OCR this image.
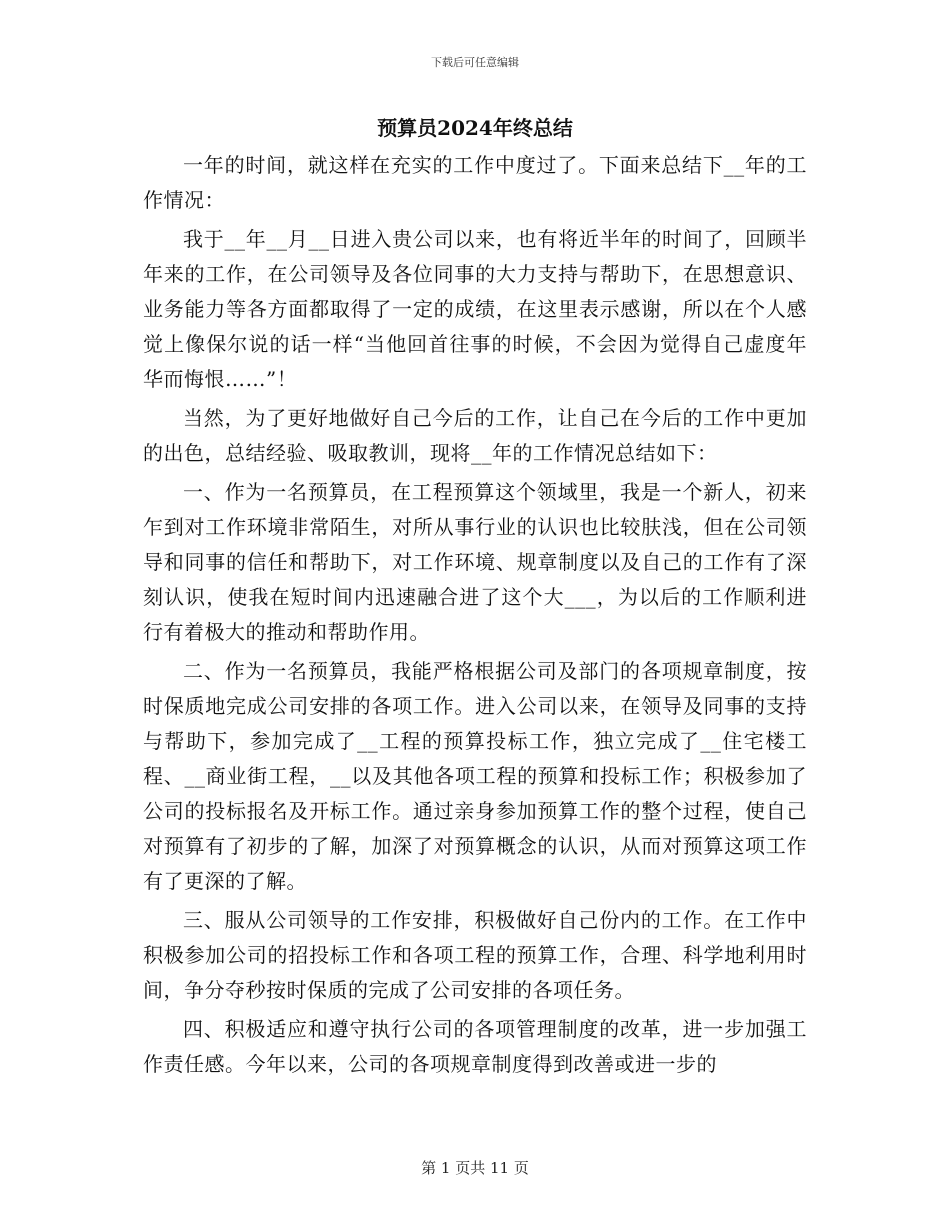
下载后可任意编辑
预算员2024年终总结

一年的时间，就这样在充实的工作中度过了。下面来总结下__年的工作情况：

我于__年__月__日进入贵公司以来，也有将近半年的时间了，回顾半年来的工作，在公司领导及各位同事的大力支持与帮助下，在思想意识、业务能力等各方面都取得了一定的成绩，在这里表示感谢，所以在个人感觉上像保尔说的话一样“当他回首往事的时候，不会因为觉得自己虚度年华而悔恨……”！

当然，为了更好地做好自己今后的工作，让自己在今后的工作中更加的出色，总结经验、吸取教训，现将__年的工作情况总结如下：

一、作为一名预算员，在工程预算这个领域里，我是一个新人，初来乍到对工作环境非常陌生，对所从事行业的认识也比较肤浅，但在公司领导和同事的信任和帮助下，对工作环境、规章制度以及自己的工作有了深刻认识，使我在短时间内迅速融合进了这个大___，为以后的工作顺利进行有着极大的推动和帮助作用。

二、作为一名预算员，我能严格根据公司及部门的各项规章制度，按时保质地完成公司安排的各项工作。进入公司以来，在领导及同事的支持与帮助下，参加完成了__工程的预算投标工作，独立完成了__住宅楼工程、__商业街工程，__以及其他各项工程的预算和投标工作；积极参加了公司的投标报名及开标工作。通过亲身参加预算工作的整个过程，使自己对预算有了初步的了解，加深了对预算概念的认识，从而对预算这项工作有了更深的了解。

三、服从公司领导的工作安排，积极做好自己份内的工作。在工作中积极参加公司的招投标工作和各项工程的预算工作，合理、科学地利用时间，争分夺秒按时保质的完成了公司安排的各项任务。

四、积极适应和遵守执行公司的各项管理制度的改革，进一步加强工作责任感。今年以来，公司的各项规章制度得到改善或进一步的

第 1 页共 11 页
